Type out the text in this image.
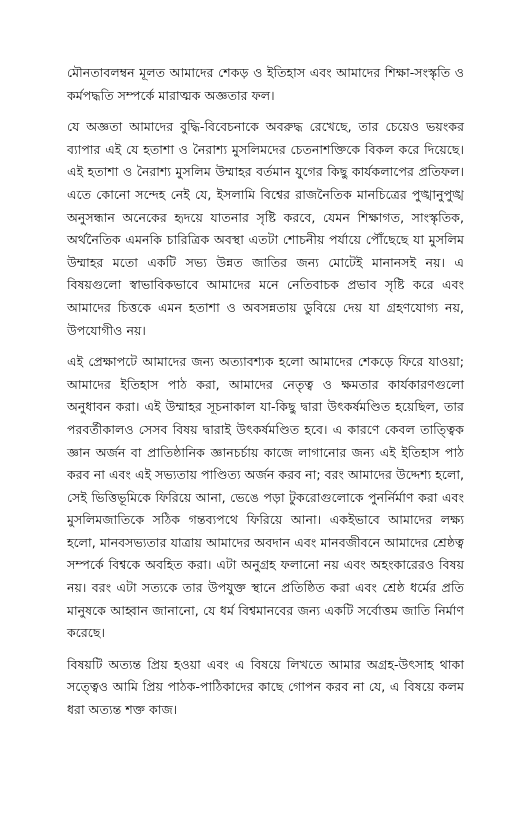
মৌনতাবলম্বন মূলত আমাদের শেকড় ও ইতিহাস এবং আমাদের শিক্ষা-সংস্কৃতি ও কর্মপদ্ধতি সম্পর্কে মারাত্মক অজ্ঞতার ফল।

যে অজ্ঞতা আমাদের বুদ্ধি-বিবেচনাকে অবরুদ্ধ রেখেছে, তার চেয়েও ভয়ংকর ব্যাপার এই যে হতাশা ও নৈরাশ্য মুসলিমদের চেতনাশক্তিকে বিকল করে দিয়েছে। এই হতাশা ও নৈরাশ্য মুসলিম উম্মাহর বর্তমান যুগের কিছু কার্যকলাপের প্রতিফল। এতে কোনো সন্দেহ নেই যে, ইসলামি বিশ্বের রাজনৈতিক মানচিত্রের পুঙ্খানুপুঙ্খ অনুসন্ধান অনেকের হৃদয়ে যাতনার সৃষ্টি করবে, যেমন শিক্ষাগত, সাংস্কৃতিক, অর্থনৈতিক এমনকি চারিত্রিক অবস্থা এতটা শোচনীয় পর্যায়ে পৌঁছেছে যা মুসলিম উম্মাহর মতো একটি সভ্য উন্নত জাতির জন্য মোটেই মানানসই নয়। এ বিষয়গুলো স্বাভাবিকভাবে আমাদের মনে নেতিবাচক প্রভাব সৃষ্টি করে এবং আমাদের চিত্তকে এমন হতাশা ও অবসন্নতায় ডুবিয়ে দেয় যা গ্রহণযোগ্য নয়, উপযোগীও নয়।

এই প্রেক্ষাপটে আমাদের জন্য অত্যাবশ্যক হলো আমাদের শেকড়ে ফিরে যাওয়া; আমাদের ইতিহাস পাঠ করা, আমাদের নেতৃত্ব ও ক্ষমতার কার্যকারণগুলো অনুধাবন করা। এই উম্মাহর সূচনাকাল যা-কিছু দ্বারা উৎকর্ষমণ্ডিত হয়েছিল, তার পরবর্তীকালও সেসব বিষয় দ্বারাই উৎকর্ষমণ্ডিত হবে। এ কারণে কেবল তাত্ত্বিক জ্ঞান অর্জন বা প্রাতিষ্ঠানিক জ্ঞানচর্চায় কাজে লাগানোর জন্য এই ইতিহাস পাঠ করব না এবং এই সভ্যতায় পাণ্ডিত্য অর্জন করব না; বরং আমাদের উদ্দেশ্য হলো, সেই ভিত্তিভূমিকে ফিরিয়ে আনা, ভেঙে পড়া টুকরোগুলোকে পুনর্নির্মাণ করা এবং মুসলিমজাতিকে সঠিক গন্তব্যপথে ফিরিয়ে আনা। একইভাবে আমাদের লক্ষ্য হলো, মানবসভ্যতার যাত্রায় আমাদের অবদান এবং মানবজীবনে আমাদের শ্রেষ্ঠত্ব সম্পর্কে বিশ্বকে অবহিত করা। এটা অনুগ্রহ ফলানো নয় এবং অহংকারেরও বিষয় নয়। বরং এটা সত্যকে তার উপযুক্ত স্থানে প্রতিষ্ঠিত করা এবং শ্রেষ্ঠ ধর্মের প্রতি মানুষকে আহ্বান জানানো, যে ধর্ম বিশ্বমানবের জন্য একটি সর্বোত্তম জাতি নির্মাণ করেছে।

বিষয়টি অত্যন্ত প্রিয় হওয়া এবং এ বিষয়ে লিখতে আমার অগ্রহ-উৎসাহ থাকা সত্ত্বেও আমি প্রিয় পাঠক-পাঠিকাদের কাছে গোপন করব না যে, এ বিষয়ে কলম ধরা অত্যন্ত শক্ত কাজ।
